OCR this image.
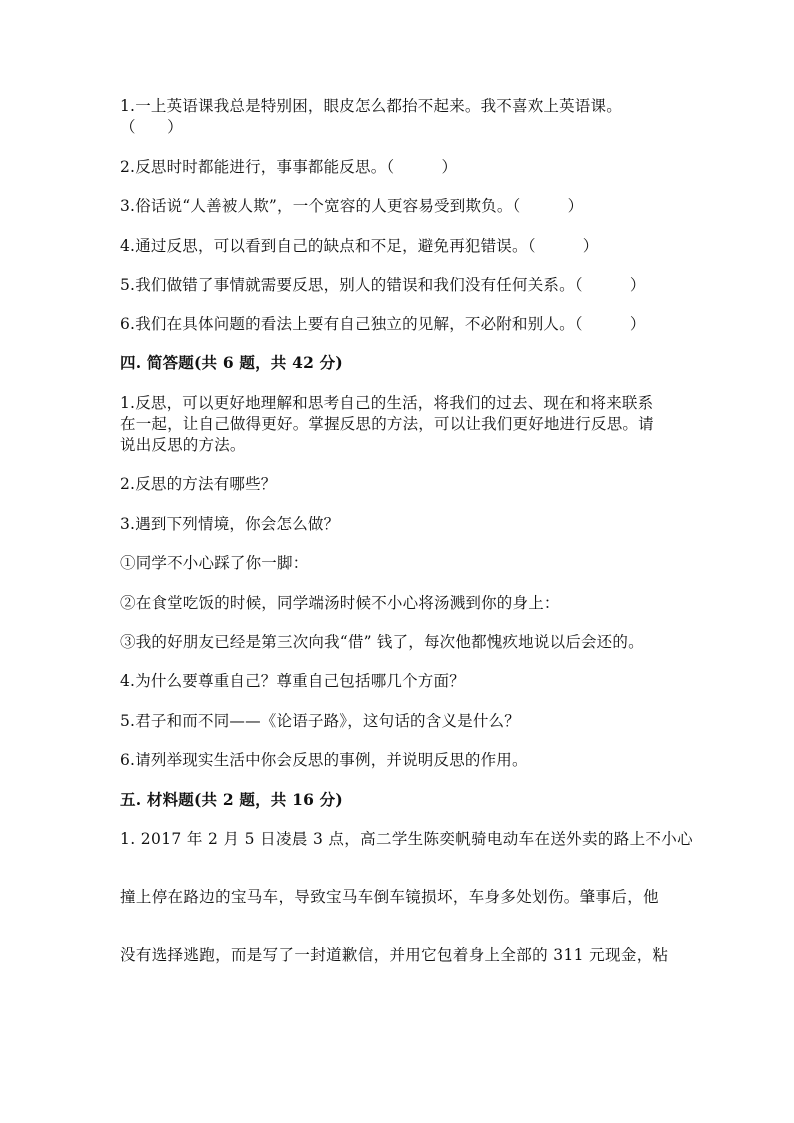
1.一上英语课我总是特别困，眼皮怎么都抬不起来。我不喜欢上英语课。
（　　）
2.反思时时都能进行，事事都能反思。（　　　）
3.俗话说“人善被人欺”，一个宽容的人更容易受到欺负。（　　　）
4.通过反思，可以看到自己的缺点和不足，避免再犯错误。（　　　）
5.我们做错了事情就需要反思，别人的错误和我们没有任何关系。（　　　）
6.我们在具体问题的看法上要有自己独立的见解，不必附和别人。（　　　）
四. 简答题(共 6 题，共 42 分)
1.反思，可以更好地理解和思考自己的生活，将我们的过去、现在和将来联系
在一起，让自己做得更好。掌握反思的方法，可以让我们更好地进行反思。请
说出反思的方法。
2.反思的方法有哪些？
3.遇到下列情境，你会怎么做？
①同学不小心踩了你一脚：
②在食堂吃饭的时候，同学端汤时候不小心将汤溅到你的身上：
③我的好朋友已经是第三次向我“借” 钱了，每次他都愧疚地说以后会还的。
4.为什么要尊重自己？尊重自己包括哪几个方面？
5.君子和而不同——《论语子路》，这句话的含义是什么？
6.请列举现实生活中你会反思的事例，并说明反思的作用。
五. 材料题(共 2 题，共 16 分)
1. 2017 年 2 月 5 日凌晨 3 点，高二学生陈奕帆骑电动车在送外卖的路上不小心
撞上停在路边的宝马车，导致宝马车倒车镜损坏，车身多处划伤。肇事后，他
没有选择逃跑，而是写了一封道歉信，并用它包着身上全部的 311 元现金，粘
